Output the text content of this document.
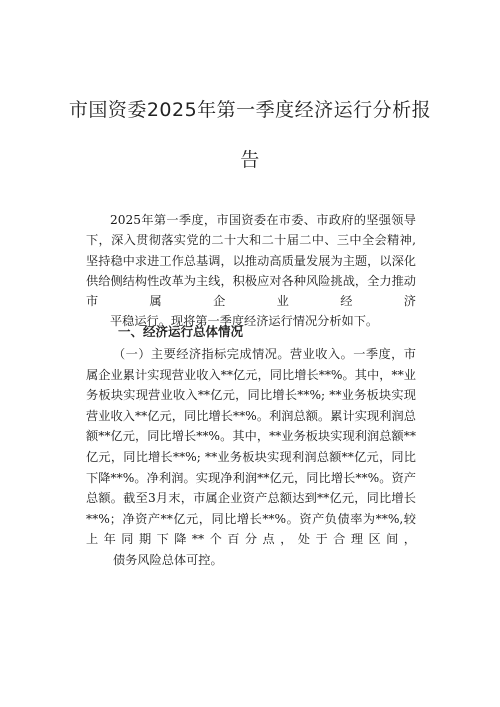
市国资委2025年第一季度经济运行分析报
告
2025年第一季度，市国资委在市委、市政府的坚强领导下，深入贯彻落实党的二十大和二十届二中、三中全会精神,坚持稳中求进工作总基调，以推动高质量发展为主题，以深化供给侧结构性改革为主线，积极应对各种风险挑战，全力推动市属企业经济
平稳运行。现将第一季度经济运行情况分析如下。
一、经济运行总体情况
（一）主要经济指标完成情况。营业收入。一季度，市属企业累计实现营业收入**亿元，同比增长**%。其中，**业务板块实现营业收入**亿元，同比增长**%; **业务板块实现营业收入**亿元，同比增长**%。利润总额。累计实现利润总额**亿元，同比增长**%。其中，**业务板块实现利润总额**亿元，同比增长**%; **业务板块实现利润总额**亿元，同比下降**%。净利润。实现净利润**亿元，同比增长**%。资产总额。截至3月末，市属企业资产总额达到**亿元，同比增长**%；净资产**亿元，同比增长**%。资产负债率为**%,较上年同期下降**个百分点，处于合理区间，
债务风险总体可控。
